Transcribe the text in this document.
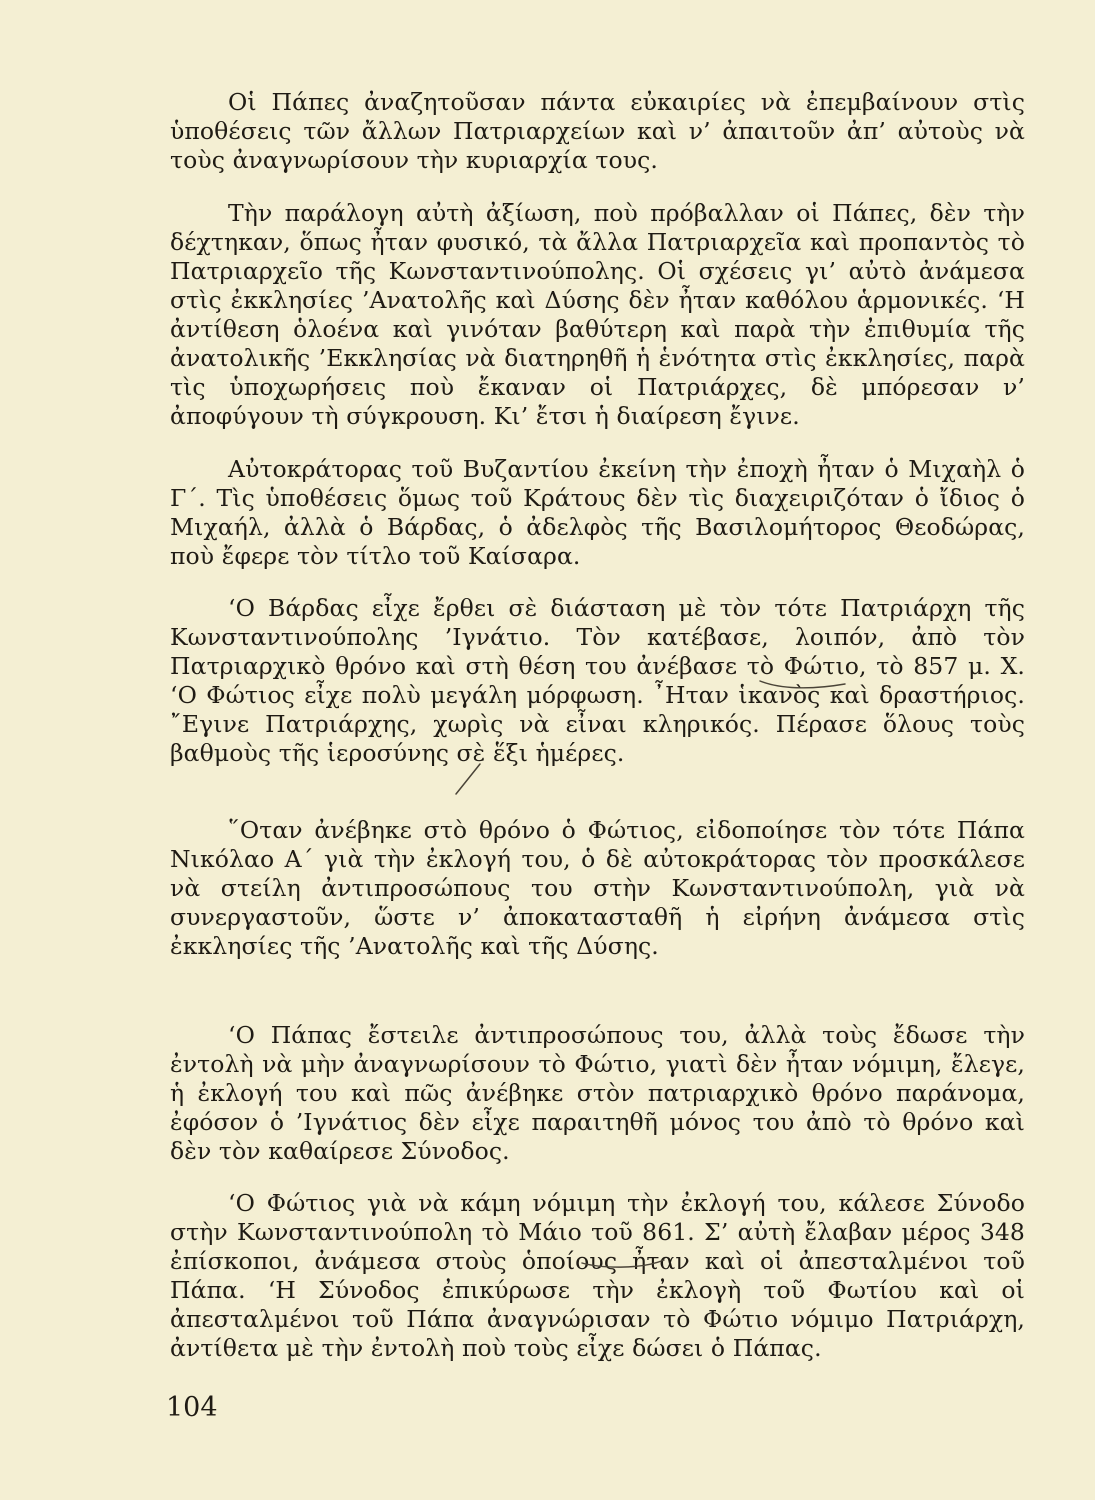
Οἱ Πάπες ἀναζητοῦσαν πάντα εὐκαιρίες νὰ ἐπεμβαίνουν στὶς ὑποθέσεις τῶν ἄλλων Πατριαρχείων καὶ ν’ ἀπαιτοῦν ἀπ’ αὐτοὺς νὰ τοὺς ἀναγνωρίσουν τὴν κυριαρχία τους.

Τὴν παράλογη αὐτὴ ἀξίωση, ποὺ πρόβαλλαν οἱ Πάπες, δὲν τὴν δέχτηκαν, ὅπως ἦταν φυσικό, τὰ ἄλλα Πατριαρχεῖα καὶ προπαντὸς τὸ Πατριαρχεῖο τῆς Κωνσταντινούπολης. Οἱ σχέσεις γι’ αὐτὸ ἀνάμεσα στὶς ἐκκλησίες ’Ανατολῆς καὶ Δύσης δὲν ἦταν καθόλου ἁρμονικές. ‘Η ἀντίθεση ὁλοένα καὶ γινόταν βαθύτερη καὶ παρὰ τὴν ἐπιθυμία τῆς ἀνατολικῆς ’Εκκλησίας νὰ διατηρηθῆ ἡ ἑνότητα στὶς ἐκκλησίες, παρὰ τὶς ὑποχωρήσεις ποὺ ἔκαναν οἱ Πατριάρχες, δὲ μπόρεσαν ν’ ἀποφύγουν τὴ σύγκρουση. Κι’ ἔτσι ἡ διαίρεση ἔγινε.

Αὐτοκράτορας τοῦ Βυζαντίου ἐκείνη τὴν ἐποχὴ ἦταν ὁ Μιχαὴλ ὁ Γ΄. Τὶς ὑποθέσεις ὅμως τοῦ Κράτους δὲν τὶς διαχειριζόταν ὁ ἴδιος ὁ Μιχαήλ, ἀλλὰ ὁ Βάρδας, ὁ ἀδελφὸς τῆς Βασιλομήτορος Θεοδώρας, ποὺ ἔφερε τὸν τίτλο τοῦ Καίσαρα.

‘Ο Βάρδας εἶχε ἔρθει σὲ διάσταση μὲ τὸν τότε Πατριάρχη τῆς Κωνσταντινούπολης ’Ιγνάτιο. Τὸν κατέβασε, λοιπόν, ἀπὸ τὸν Πατριαρχικὸ θρόνο καὶ στὴ θέση του ἀνέβασε τὸ Φώτιο, τὸ 857 μ. Χ. ‘Ο Φώτιος εἶχε πολὺ μεγάλη μόρφωση. ῏Ηταν ἱκανὸς καὶ δραστήριος. ῎Εγινε Πατριάρχης, χωρὶς νὰ εἶναι κληρικός. Πέρασε ὅλους τοὺς βαθμοὺς τῆς ἱεροσύνης σὲ ἕξι ἡμέρες.

῞Οταν ἀνέβηκε στὸ θρόνο ὁ Φώτιος, εἰδοποίησε τὸν τότε Πάπα Νικόλαο Α΄ γιὰ τὴν ἐκλογή του, ὁ δὲ αὐτοκράτορας τὸν προσκάλεσε νὰ στείλη ἀντιπροσώπους του στὴν Κωνσταντινούπολη, γιὰ νὰ συνεργαστοῦν, ὥστε ν’ ἀποκατασταθῆ ἡ εἰρήνη ἀνάμεσα στὶς ἐκκλησίες τῆς ’Ανατολῆς καὶ τῆς Δύσης.

‘Ο Πάπας ἔστειλε ἀντιπροσώπους του, ἀλλὰ τοὺς ἔδωσε τὴν ἐντολὴ νὰ μὴν ἀναγνωρίσουν τὸ Φώτιο, γιατὶ δὲν ἦταν νόμιμη, ἔλεγε, ἡ ἐκλογή του καὶ πῶς ἀνέβηκε στὸν πατριαρχικὸ θρόνο παράνομα, ἐφόσον ὁ ’Ιγνάτιος δὲν εἶχε παραιτηθῆ μόνος του ἀπὸ τὸ θρόνο καὶ δὲν τὸν καθαίρεσε Σύνοδος.

‘Ο Φώτιος γιὰ νὰ κάμη νόμιμη τὴν ἐκλογή του, κάλεσε Σύνοδο στὴν Κωνσταντινούπολη τὸ Μάιο τοῦ 861. Σ’ αὐτὴ ἔλαβαν μέρος 348 ἐπίσκοποι, ἀνάμεσα στοὺς ὁποίους ἦταν καὶ οἱ ἀπεσταλμένοι τοῦ Πάπα. ‘Η Σύνοδος ἐπικύρωσε τὴν ἐκλογὴ τοῦ Φωτίου καὶ οἱ ἀπεσταλμένοι τοῦ Πάπα ἀναγνώρισαν τὸ Φώτιο νόμιμο Πατριάρχη, ἀντίθετα μὲ τὴν ἐντολὴ ποὺ τοὺς εἶχε δώσει ὁ Πάπας.

104
